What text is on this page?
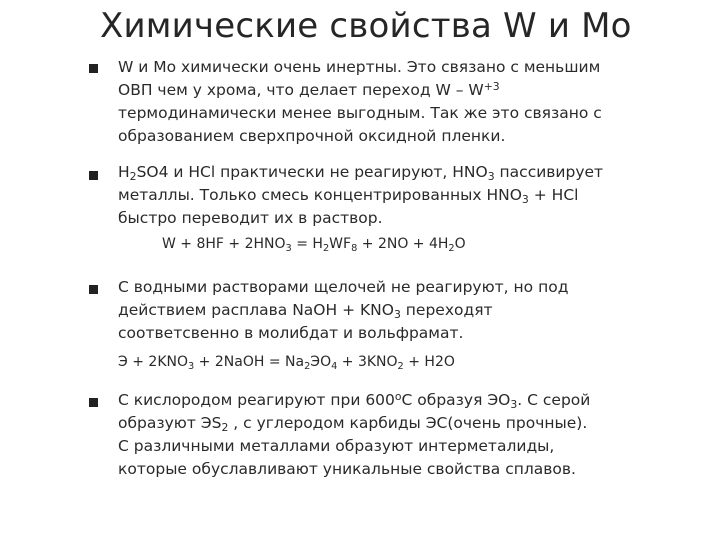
Химические свойства W и Mo
W и Mo химически очень инертны. Это связано с меньшим
ОВП чем у хрома, что делает переход W – $W^{+3}$
термодинамически менее выгодным. Так же это связано с
образованием сверхпрочной оксидной пленки.
$H_2SO4$ и HCl практически не реагируют, $HNO_3$ пассивирует
металлы. Только смесь концентрированных $HNO_3$ + HCl
быстро переводит их в раствор.
$W + 8HF + 2HNO_3 = H_2WF_8 + 2NO + 4H_2O$
С водными растворами щелочей не реагируют, но под
действием расплава NaOH + $KNO_3$ переходят
соответсвенно в молибдат и вольфрамат.
$Э + 2KNO_3$ + 2NaOH = $Na_2ЭO_4 + 3KNO_2 + H2O$
С кислородом реагируют при 600$^o$С образуя $ЭО_3$. С серой
образуют $ЭS_2$ , с углеродом карбиды ЭС(очень прочные).
С различными металлами образуют интерметалиды,
которые обуславливают уникальные свойства сплавов.
